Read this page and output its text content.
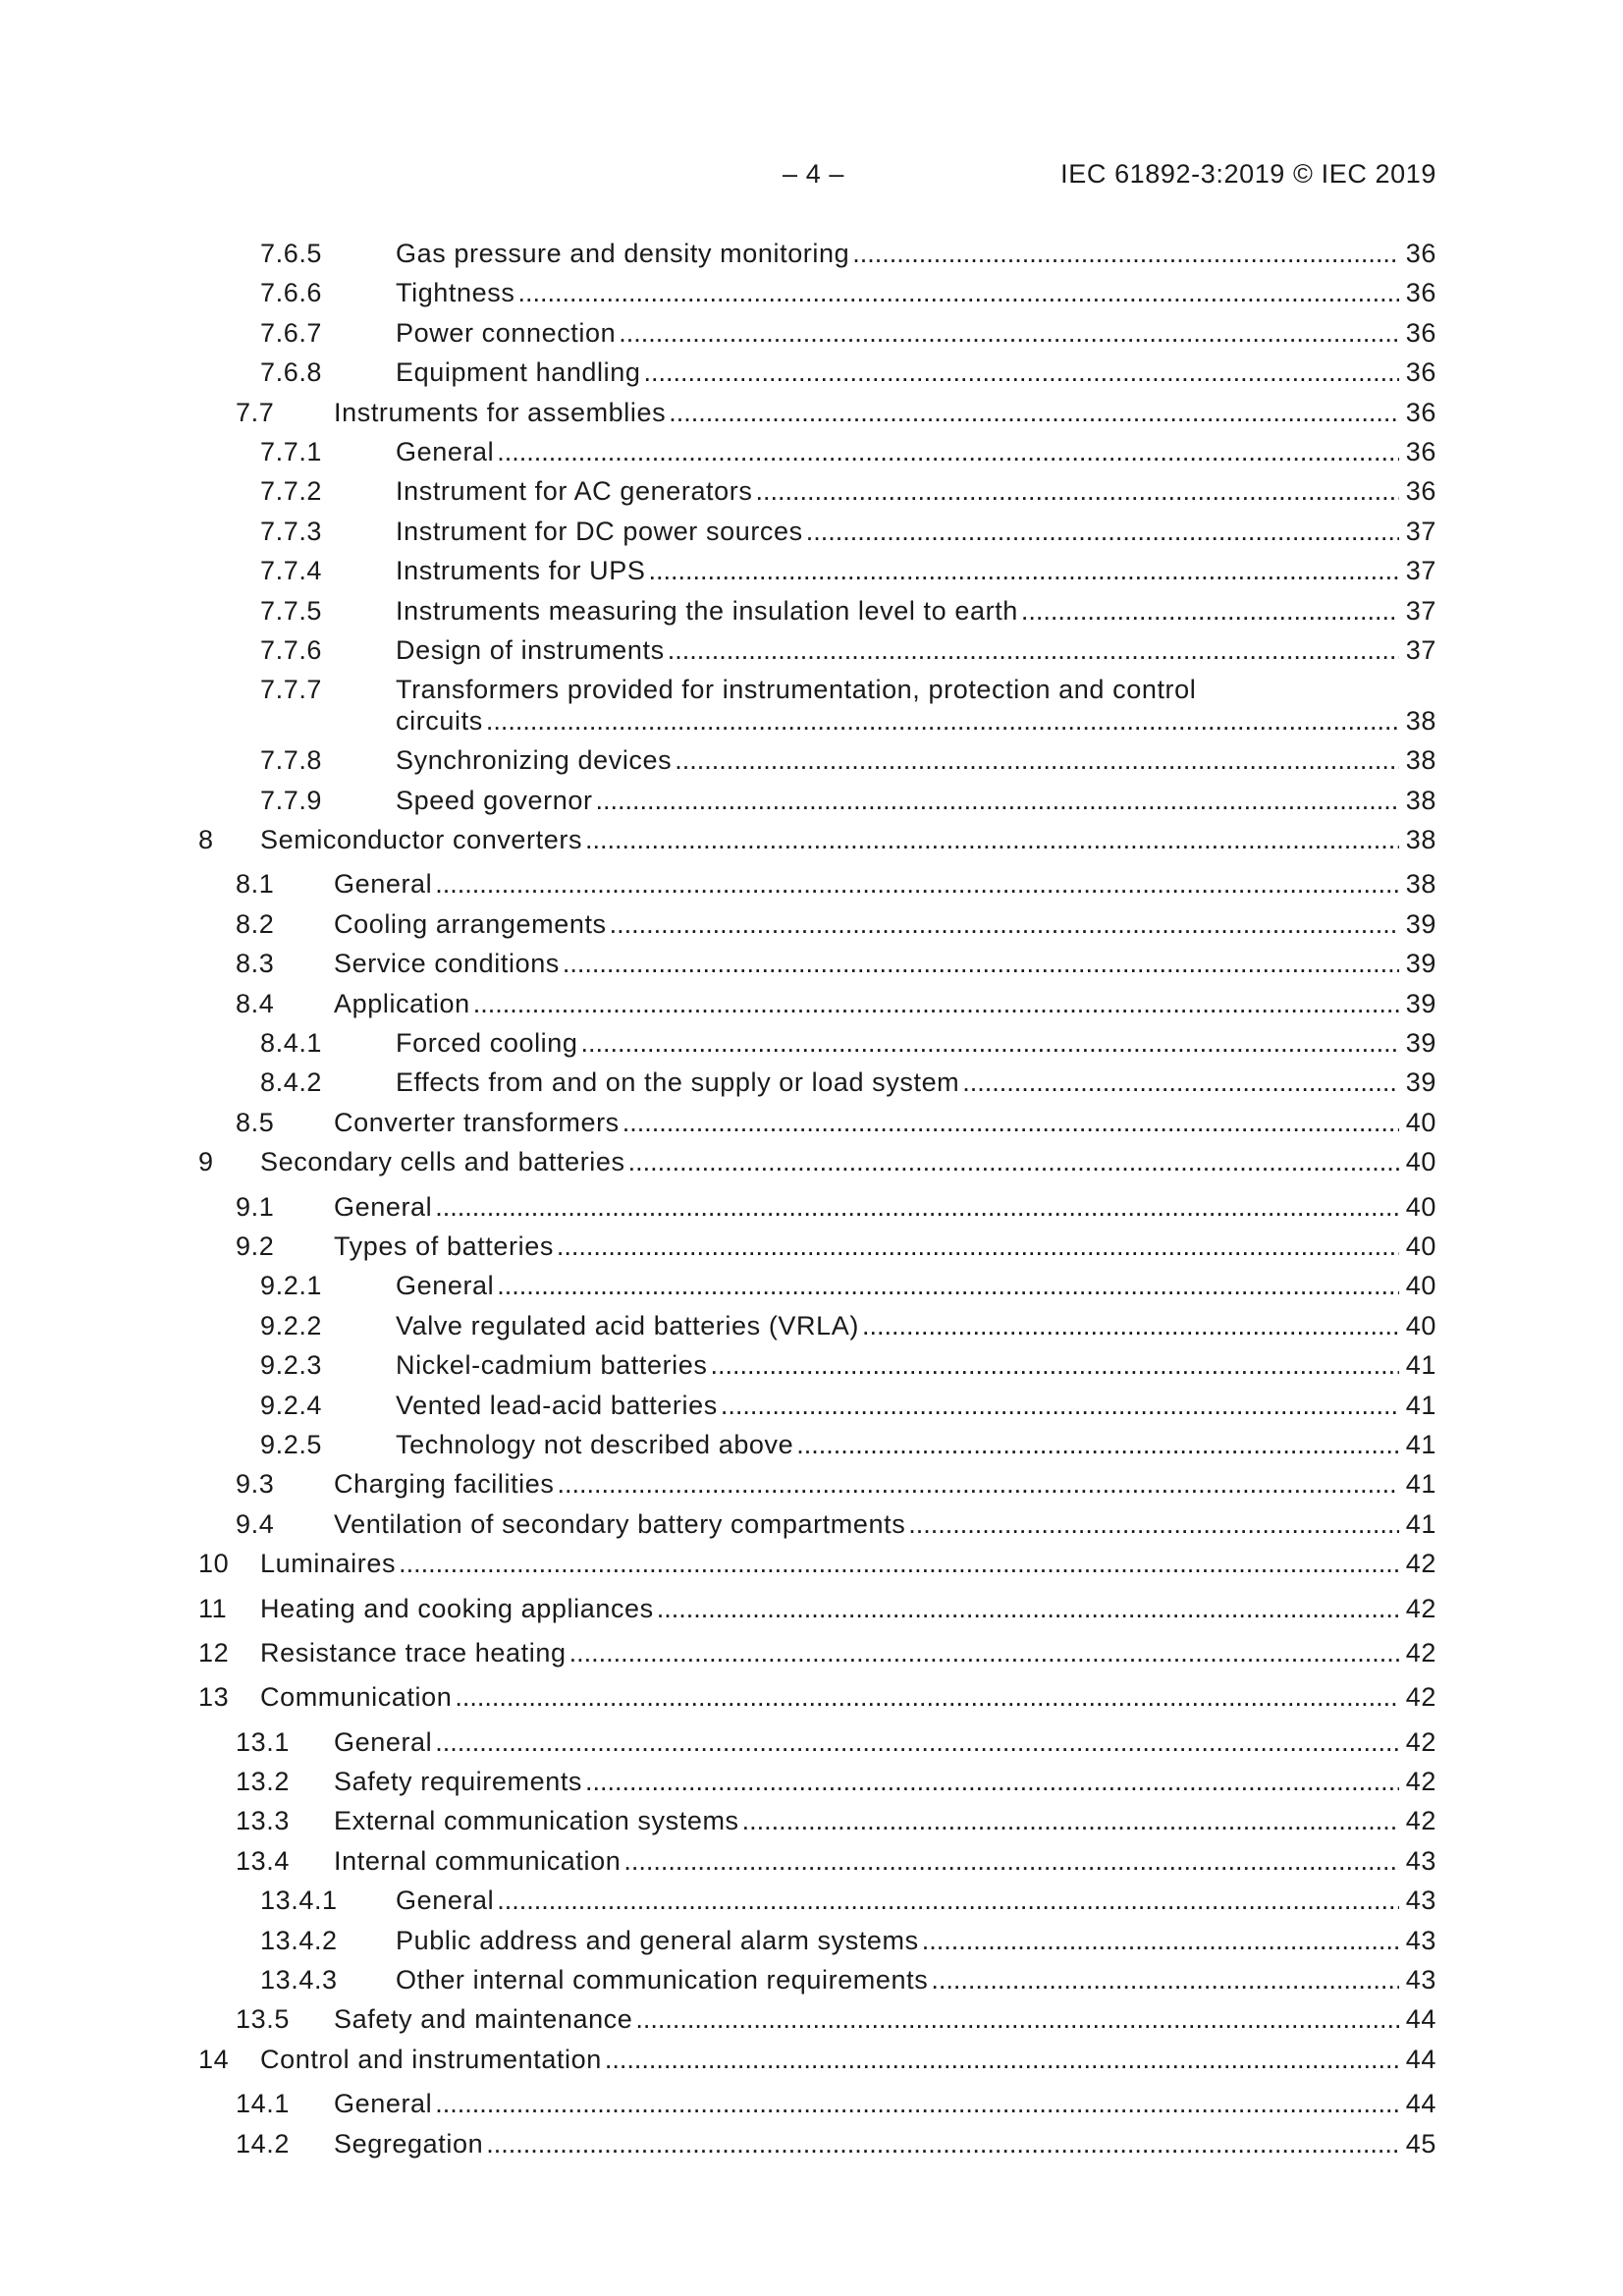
– 4 –	IEC 61892-3:2019 © IEC 2019
7.6.5	Gas pressure and density monitoring .....	36
7.6.6	Tightness .....	36
7.6.7	Power connection .....	36
7.6.8	Equipment handling .....	36
7.7 Instruments for assemblies .....	36
7.7.1	General .....	36
7.7.2	Instrument for AC generators .....	36
7.7.3	Instrument for DC power sources .....	37
7.7.4	Instruments for UPS .....	37
7.7.5	Instruments measuring the insulation level to earth .....	37
7.7.6	Design of instruments .....	37
7.7.7	Transformers provided for instrumentation, protection and control
circuits .....	38
7.7.8	Synchronizing devices .....	38
7.7.9	Speed governor .....	38
8 Semiconductor converters .....	38
8.1 General .....	38
8.2 Cooling arrangements .....	39
8.3 Service conditions .....	39
8.4 Application .....	39
8.4.1	Forced cooling .....	39
8.4.2	Effects from and on the supply or load system .....	39
8.5 Converter transformers .....	40
9 Secondary cells and batteries .....	40
9.1 General .....	40
9.2 Types of batteries .....	40
9.2.1	General .....	40
9.2.2	Valve regulated acid batteries (VRLA) .....	40
9.2.3	Nickel-cadmium batteries .....	41
9.2.4	Vented lead-acid batteries .....	41
9.2.5	Technology not described above .....	41
9.3 Charging facilities .....	41
9.4 Ventilation of secondary battery compartments .....	41
10 Luminaires .....	42
11 Heating and cooking appliances .....	42
12 Resistance trace heating .....	42
13 Communication .....	42
13.1 General .....	42
13.2 Safety requirements .....	42
13.3 External communication systems .....	42
13.4 Internal communication .....	43
13.4.1 General .....	43
13.4.2 Public address and general alarm systems .....	43
13.4.3 Other internal communication requirements .....	43
13.5 Safety and maintenance .....	44
14 Control and instrumentation .....	44
14.1 General .....	44
14.2 Segregation .....	45
